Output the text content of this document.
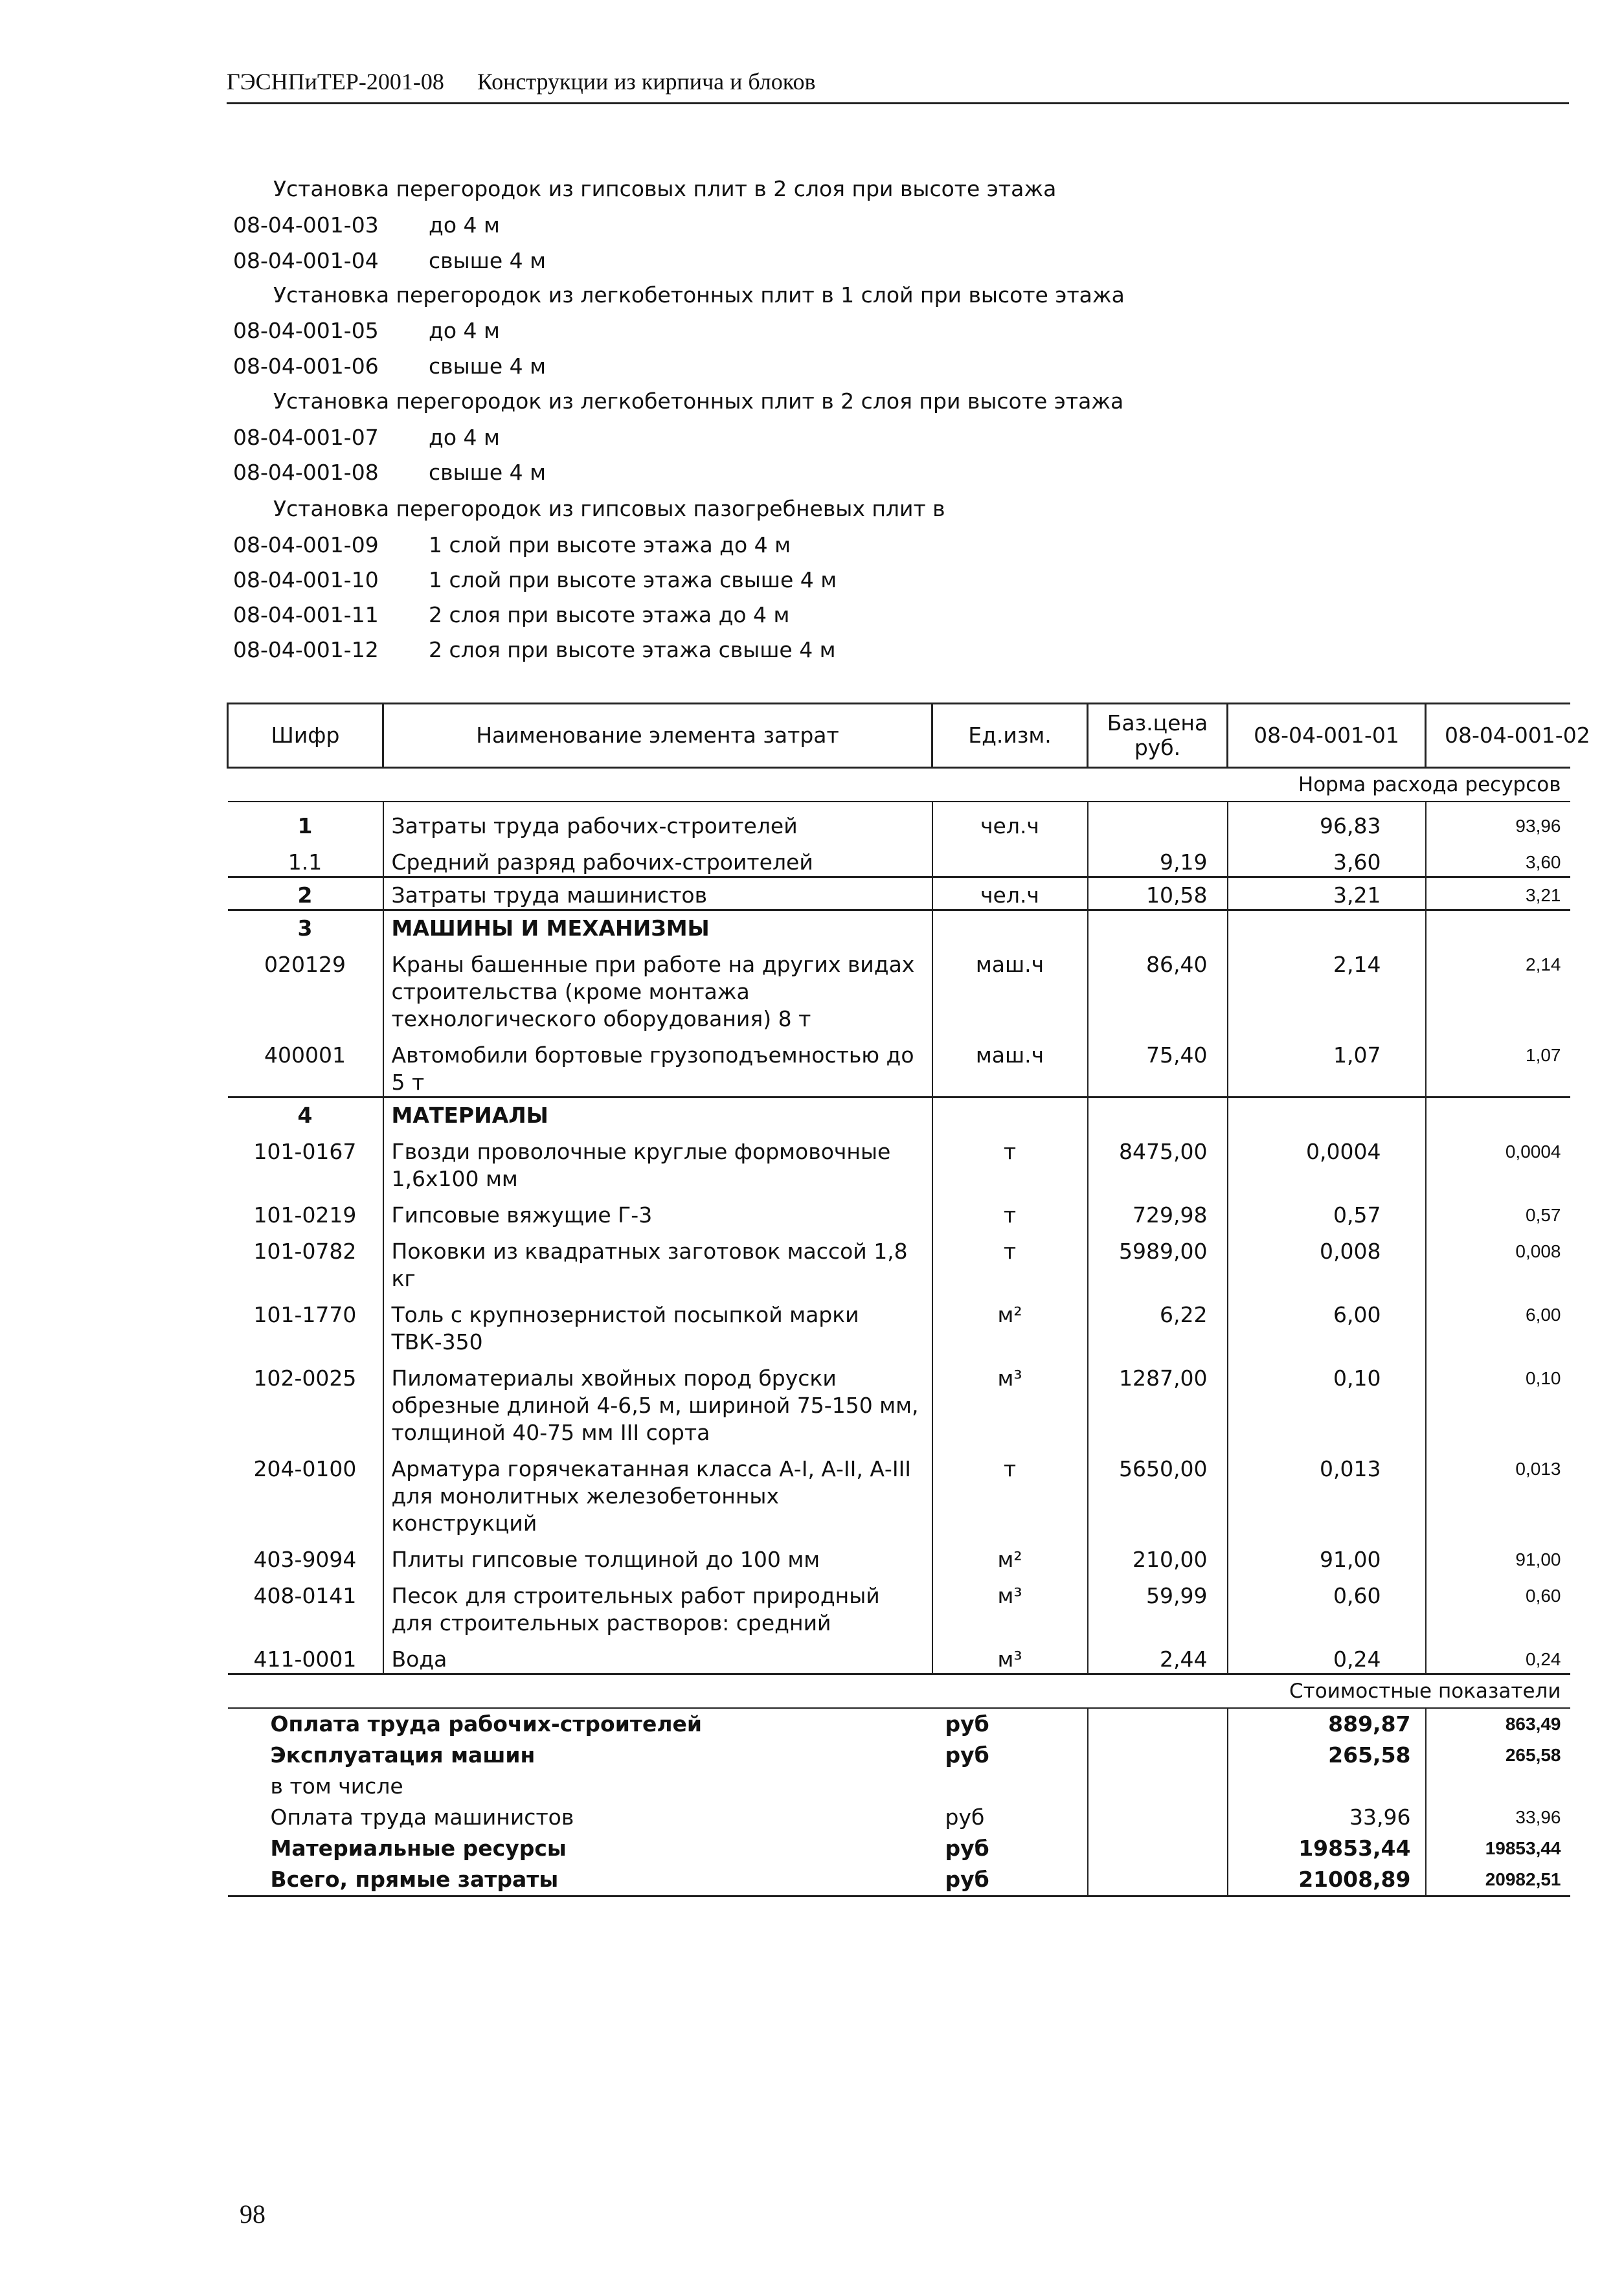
ГЭСНПиТЕР-2001-08 Конструкции из кирпича и блоков
Установка перегородок из гипсовых плит в 2 слоя при высоте этажа
08-04-001-03 до 4 м
08-04-001-04 свыше 4 м
Установка перегородок из легкобетонных плит в 1 слой при высоте этажа
08-04-001-05 до 4 м
08-04-001-06 свыше 4 м
Установка перегородок из легкобетонных плит в 2 слоя при высоте этажа
08-04-001-07 до 4 м
08-04-001-08 свыше 4 м
Установка перегородок из гипсовых пазогребневых плит в
08-04-001-09 1 слой при высоте этажа до 4 м
08-04-001-10 1 слой при высоте этажа свыше 4 м
08-04-001-11 2 слоя при высоте этажа до 4 м
08-04-001-12 2 слоя при высоте этажа свыше 4 м
Шифр	Наименование элемента затрат	Ед.изм.	Баз.цена
руб.	08-04-001-01	08-04-001-02
Норма расхода ресурсов					
1	Затраты труда рабочих-строителей	чел.ч		96,83	93,96
1.1	Средний разряд рабочих-строителей		9,19	3,60	3,60
2	Затраты труда машинистов	чел.ч	10,58	3,21	3,21
3	МАШИНЫ И МЕХАНИЗМЫ				
020129	Краны башенные при работе на других видах строительства (кроме монтажа технологического оборудования) 8 т	маш.ч	86,40	2,14	2,14
400001	Автомобили бортовые грузоподъемностью до 5 т	маш.ч	75,40	1,07	1,07
4	МАТЕРИАЛЫ				
101-0167	Гвозди проволочные круглые формовочные 1,6х100 мм	т	8475,00	0,0004	0,0004
101-0219	Гипсовые вяжущие Г-3	т	729,98	0,57	0,57
101-0782	Поковки из квадратных заготовок массой 1,8 кг	т	5989,00	0,008	0,008
101-1770	Толь с крупнозернистой посыпкой марки ТВК-350	м²	6,22	6,00	6,00
102-0025	Пиломатериалы хвойных пород бруски обрезные длиной 4-6,5 м, шириной 75-150 мм, толщиной 40-75 мм III сорта	м³	1287,00	0,10	0,10
204-0100	Арматура горячекатанная класса А-I, А-II, А-III для монолитных железобетонных конструкций	т	5650,00	0,013	0,013
403-9094	Плиты гипсовые толщиной до 100 мм	м²	210,00	91,00	91,00
408-0141	Песок для строительных работ природный для строительных растворов: средний	м³	59,99	0,60	0,60
411-0001	Вода	м³	2,44	0,24	0,24
Стоимостные показатели					
Оплата труда рабочих-строителей		руб		889,87	863,49
Эксплуатация машин		руб		265,58	265,58
в том числе					
Оплата труда машинистов		руб		33,96	33,96
Материальные ресурсы		руб		19853,44	19853,44
Всего, прямые затраты		руб		21008,89	20982,51
98
